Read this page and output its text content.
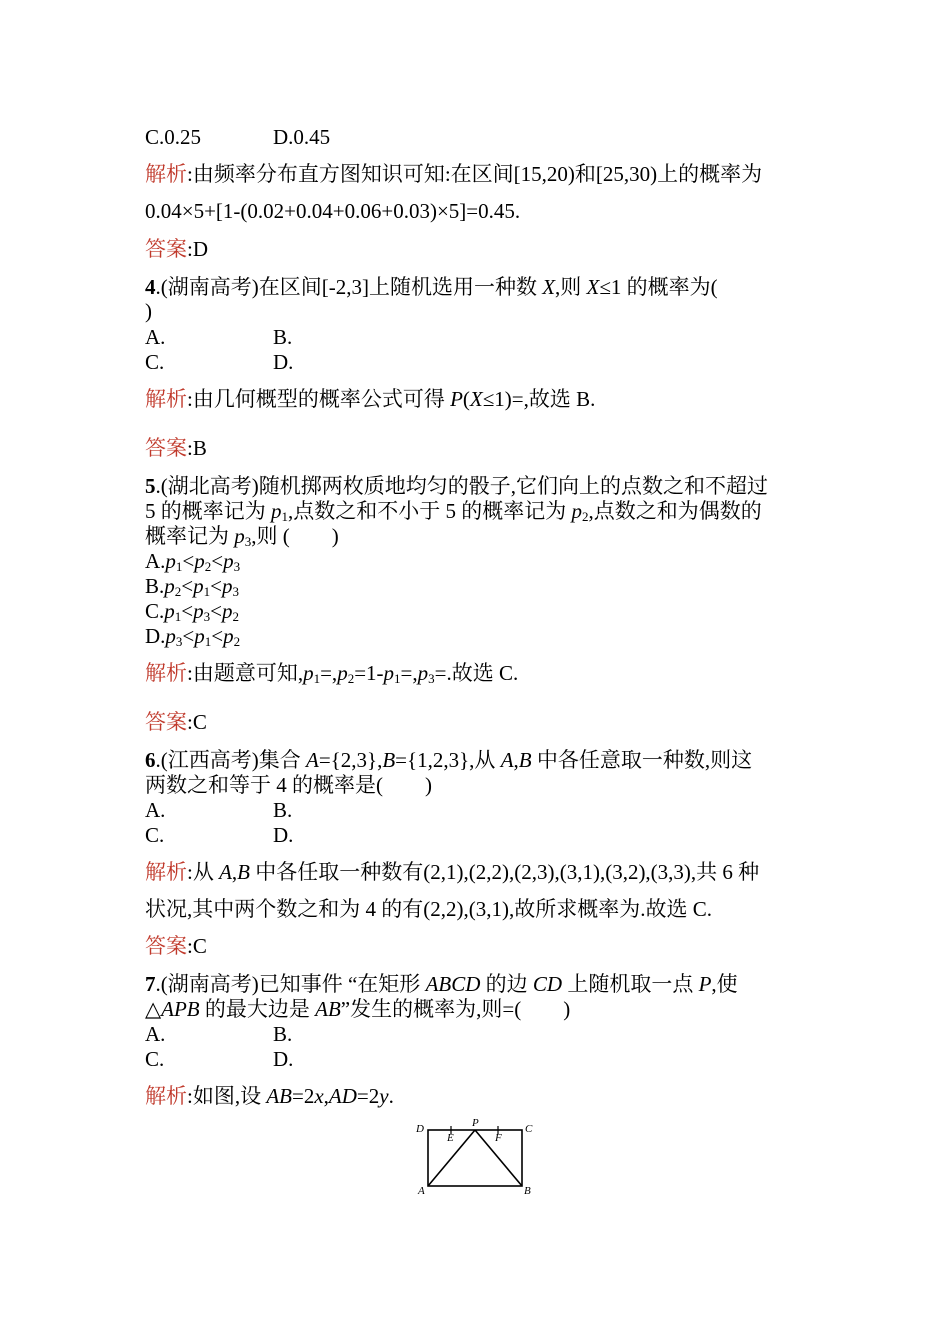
C.0.25	D.0.45
解析:由频率分布直方图知识可知:在区间[15,20)和[25,30)上的概率为
0.04×5+[1-(0.02+0.04+0.06+0.03)×5]=0.45.
答案:D
4.(湖南高考)在区间[-2,3]上随机选用一种数 X,则 X≤1 的概率为(
)
A.	B.
C.	D.
解析:由几何概型的概率公式可得 P(X≤1)=,故选 B.
答案:B
5.(湖北高考)随机掷两枚质地均匀的骰子,它们向上的点数之和不超过
5 的概率记为 $p_1$,点数之和不小于 5 的概率记为 $p_2$,点数之和为偶数的
概率记为 $p_3$,则 (　　)
$A.p_1<p_2<p_3$
$B.p_2<p_1<p_3$
$C.p_1<p_3<p_2$
$D.p_3<p_1<p_2$
解析:由题意可知$,p_1=,p_2=1-p_1=,p_3=$.故选 C.
答案:C
6.(江西高考)集合 A={2,3},B={1,2,3},从 A,B 中各任意取一种数,则这
两数之和等于 4 的概率是(　　)
A.	B.
C.	D.
解析:从 A,B 中各任取一种数有(2,1),(2,2),(2,3),(3,1),(3,2),(3,3),共 6 种
状况,其中两个数之和为 4 的有(2,2),(3,1),故所求概率为.故选 C.
答案:C
7.(湖南高考)已知事件 “在矩形 ABCD 的边 CD 上随机取一点 P,使
△APB 的最大边是 AB”发生的概率为,则=(　　)
A.	B.
C.	D.
解析:如图,设 AB=2x,AD=2y.
D
E
P
F
C
A	B
